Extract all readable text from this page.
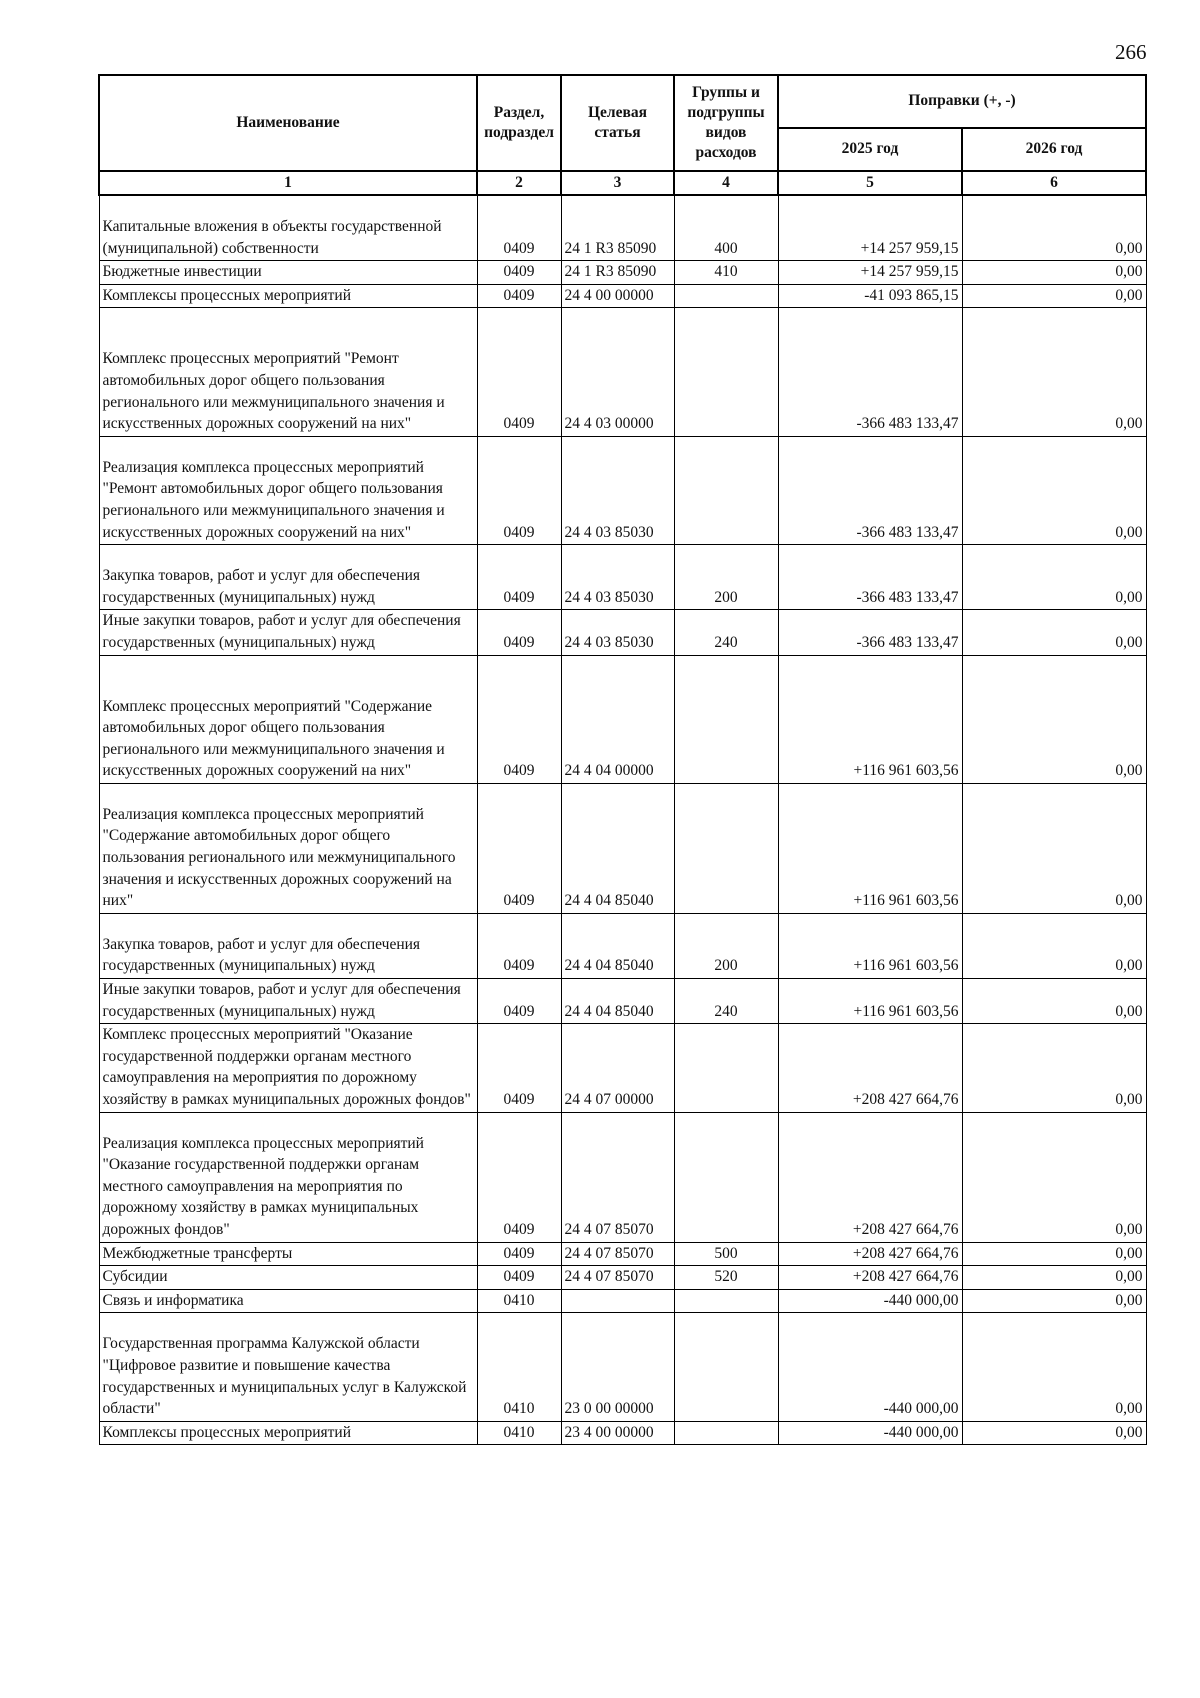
266
Наименование	Раздел, подраздел	Целевая статья	Группы и подгруппы видов расходов	Поправки (+, -)	
				2025 год	2026 год
1	2	3	4	5	6
Капитальные вложения в объекты государственной (муниципальной) собственности	0409	24 1 R3 85090	400	+14 257 959,15	0,00
Бюджетные инвестиции	0409	24 1 R3 85090	410	+14 257 959,15	0,00
Комплексы процессных мероприятий	0409	24 4 00 00000		-41 093 865,15	0,00
Комплекс процессных мероприятий "Ремонт автомобильных дорог общего пользования регионального или межмуниципального значения и искусственных дорожных сооружений на них"	0409	24 4 03 00000		-366 483 133,47	0,00
Реализация комплекса процессных мероприятий "Ремонт автомобильных дорог общего пользования регионального или межмуниципального значения и искусственных дорожных сооружений на них"	0409	24 4 03 85030		-366 483 133,47	0,00
Закупка товаров, работ и услуг для обеспечения государственных (муниципальных) нужд	0409	24 4 03 85030	200	-366 483 133,47	0,00
Иные закупки товаров, работ и услуг для обеспечения государственных (муниципальных) нужд	0409	24 4 03 85030	240	-366 483 133,47	0,00
Комплекс процессных мероприятий "Содержание автомобильных дорог общего пользования регионального или межмуниципального значения и искусственных дорожных сооружений на них"	0409	24 4 04 00000		+116 961 603,56	0,00
Реализация комплекса процессных мероприятий "Содержание автомобильных дорог общего пользования регионального или межмуниципального значения и искусственных дорожных сооружений на них"	0409	24 4 04 85040		+116 961 603,56	0,00
Закупка товаров, работ и услуг для обеспечения государственных (муниципальных) нужд	0409	24 4 04 85040	200	+116 961 603,56	0,00
Иные закупки товаров, работ и услуг для обеспечения государственных (муниципальных) нужд	0409	24 4 04 85040	240	+116 961 603,56	0,00
Комплекс процессных мероприятий "Оказание государственной поддержки органам местного самоуправления на мероприятия по дорожному хозяйству в рамках муниципальных дорожных фондов"	0409	24 4 07 00000		+208 427 664,76	0,00
Реализация комплекса процессных мероприятий "Оказание государственной поддержки органам местного самоуправления на мероприятия по дорожному хозяйству в рамках муниципальных дорожных фондов"	0409	24 4 07 85070		+208 427 664,76	0,00
Межбюджетные трансферты	0409	24 4 07 85070	500	+208 427 664,76	0,00
Субсидии	0409	24 4 07 85070	520	+208 427 664,76	0,00
Связь и информатика	0410			-440 000,00	0,00
Государственная программа Калужской области "Цифровое развитие и повышение качества государственных и муниципальных услуг в Калужской области"	0410	23 0 00 00000		-440 000,00	0,00
Комплексы процессных мероприятий	0410	23 4 00 00000		-440 000,00	0,00
